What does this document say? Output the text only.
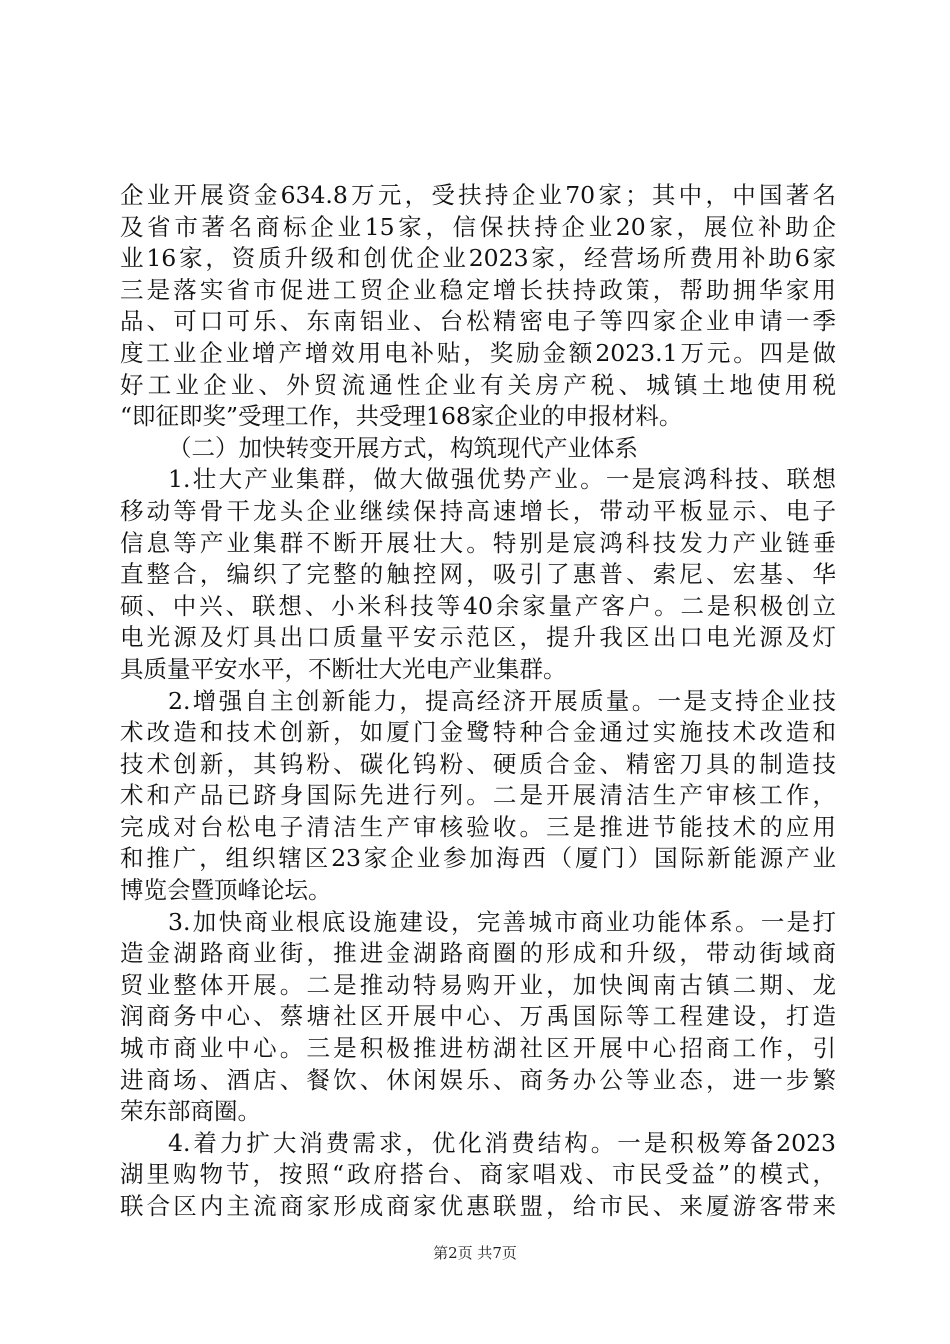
企业开展资金634.8万元，受扶持企业70家；其中，中国著名
及省市著名商标企业15家，信保扶持企业20家，展位补助企
业16家，资质升级和创优企业2023家，经营场所费用补助6家
三是落实省市促进工贸企业稳定增长扶持政策，帮助拥华家用
品、可口可乐、东南铝业、台松精密电子等四家企业申请一季
度工业企业增产增效用电补贴，奖励金额2023.1万元。四是做
好工业企业、外贸流通性企业有关房产税、城镇土地使用税
“即征即奖”受理工作，共受理168家企业的申报材料。
（二）加快转变开展方式，构筑现代产业体系
1.壮大产业集群，做大做强优势产业。一是宸鸿科技、联想
移动等骨干龙头企业继续保持高速增长，带动平板显示、电子
信息等产业集群不断开展壮大。特别是宸鸿科技发力产业链垂
直整合，编织了完整的触控网，吸引了惠普、索尼、宏基、华
硕、中兴、联想、小米科技等40余家量产客户。二是积极创立
电光源及灯具出口质量平安示范区，提升我区出口电光源及灯
具质量平安水平，不断壮大光电产业集群。
2.增强自主创新能力，提高经济开展质量。一是支持企业技
术改造和技术创新，如厦门金鹭特种合金通过实施技术改造和
技术创新，其钨粉、碳化钨粉、硬质合金、精密刀具的制造技
术和产品已跻身国际先进行列。二是开展清洁生产审核工作，
完成对台松电子清洁生产审核验收。三是推进节能技术的应用
和推广，组织辖区23家企业参加海西（厦门）国际新能源产业
博览会暨顶峰论坛。
3.加快商业根底设施建设，完善城市商业功能体系。一是打
造金湖路商业街，推进金湖路商圈的形成和升级，带动街域商
贸业整体开展。二是推动特易购开业，加快闽南古镇二期、龙
润商务中心、蔡塘社区开展中心、万禹国际等工程建设，打造
城市商业中心。三是积极推进枋湖社区开展中心招商工作，引
进商场、酒店、餐饮、休闲娱乐、商务办公等业态，进一步繁
荣东部商圈。
4.着力扩大消费需求，优化消费结构。一是积极筹备2023
湖里购物节，按照“政府搭台、商家唱戏、市民受益”的模式，
联合区内主流商家形成商家优惠联盟，给市民、来厦游客带来
第2页 共7页
